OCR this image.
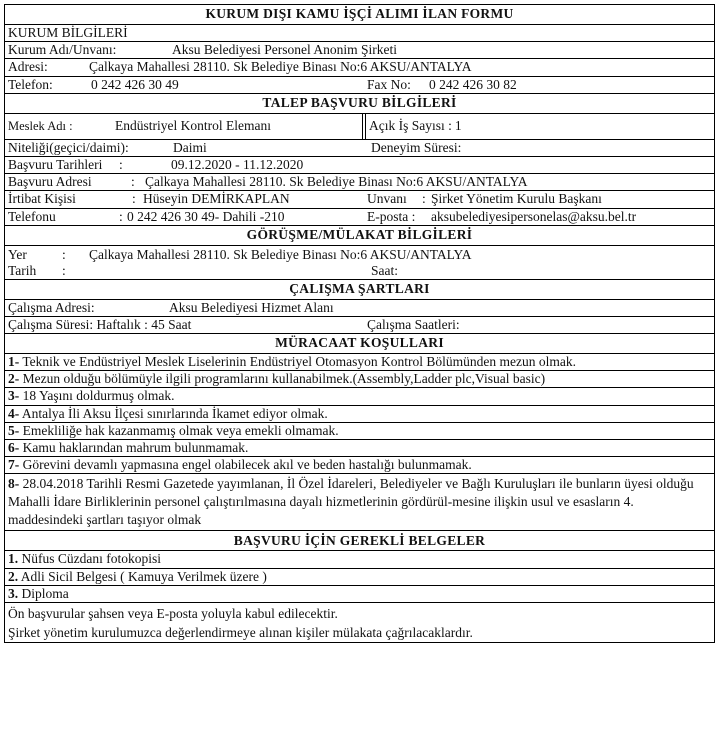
KURUM DIŞI KAMU İŞÇİ ALIMI İLAN FORMU
KURUM BİLGİLERİ
Kurum Adı/Unvanı:	Aksu Belediyesi Personel Anonim Şirketi
Adresi:	Çalkaya Mahallesi 28110. Sk Belediye Binası No:6 AKSU/ANTALYA
Telefon:	0 242 426 30 49	Fax No: 0 242 426 30 82
TALEP BAŞVURU BİLGİLERİ
Meslek Adı :	Endüstriyel Kontrol Elemanı	Açık İş Sayısı : 1
Niteliği(geçici/daimi):	Daimi	Deneyim Süresi:
Başvuru Tarihleri :	09.12.2020 - 11.12.2020
Başvuru Adresi	: Çalkaya Mahallesi 28110. Sk Belediye Binası No:6 AKSU/ANTALYA
İrtibat Kişisi	: Hüseyin DEMİRKAPLAN	Unvanı : Şirket Yönetim Kurulu Başkanı
Telefonu	: 0 242 426 30 49- Dahili -210	E-posta : aksubelediyesipersonelas@aksu.bel.tr
GÖRÜŞME/MÜLAKAT BİLGİLERİ
Yer	: Çalkaya Mahallesi 28110. Sk Belediye Binası No:6 AKSU/ANTALYA
Tarih :	Saat:
ÇALIŞMA ŞARTLARI
Çalışma Adresi:	Aksu Belediyesi Hizmet Alanı
Çalışma Süresi: Haftalık : 45 Saat	Çalışma Saatleri:
MÜRACAAT KOŞULLARI
1- Teknik ve Endüstriyel Meslek Liselerinin Endüstriyel Otomasyon Kontrol Bölümünden mezun olmak.
2- Mezun olduğu bölümüyle ilgili programlarını kullanabilmek.(Assembly,Ladder plc,Visual basic)
3- 18 Yaşını doldurmuş olmak.
4- Antalya İli Aksu İlçesi sınırlarında İkamet ediyor olmak.
5- Emekliliğe hak kazanmamış olmak veya emekli olmamak.
6- Kamu haklarından mahrum bulunmamak.
7- Görevini devamlı yapmasına engel olabilecek akıl ve beden hastalığı bulunmamak.
8- 28.04.2018 Tarihli Resmi Gazetede yayımlanan, İl Özel İdareleri, Belediyeler ve Bağlı Kuruluşları ile bunların üyesi olduğu Mahalli İdare Birliklerinin personel çalıştırılmasına dayalı hizmetlerinin gördürül-mesine ilişkin usul ve esasların 4. maddesindeki şartları taşıyor olmak
BAŞVURU İÇİN GEREKLİ BELGELER
1. Nüfus Cüzdanı fotokopisi
2. Adli Sicil Belgesi ( Kamuya Verilmek üzere )
3. Diploma
Ön başvurular şahsen veya E-posta yoluyla kabul edilecektir.
Şirket yönetim kurulumuzca değerlendirmeye alınan kişiler mülakata çağrılacaklardır.
